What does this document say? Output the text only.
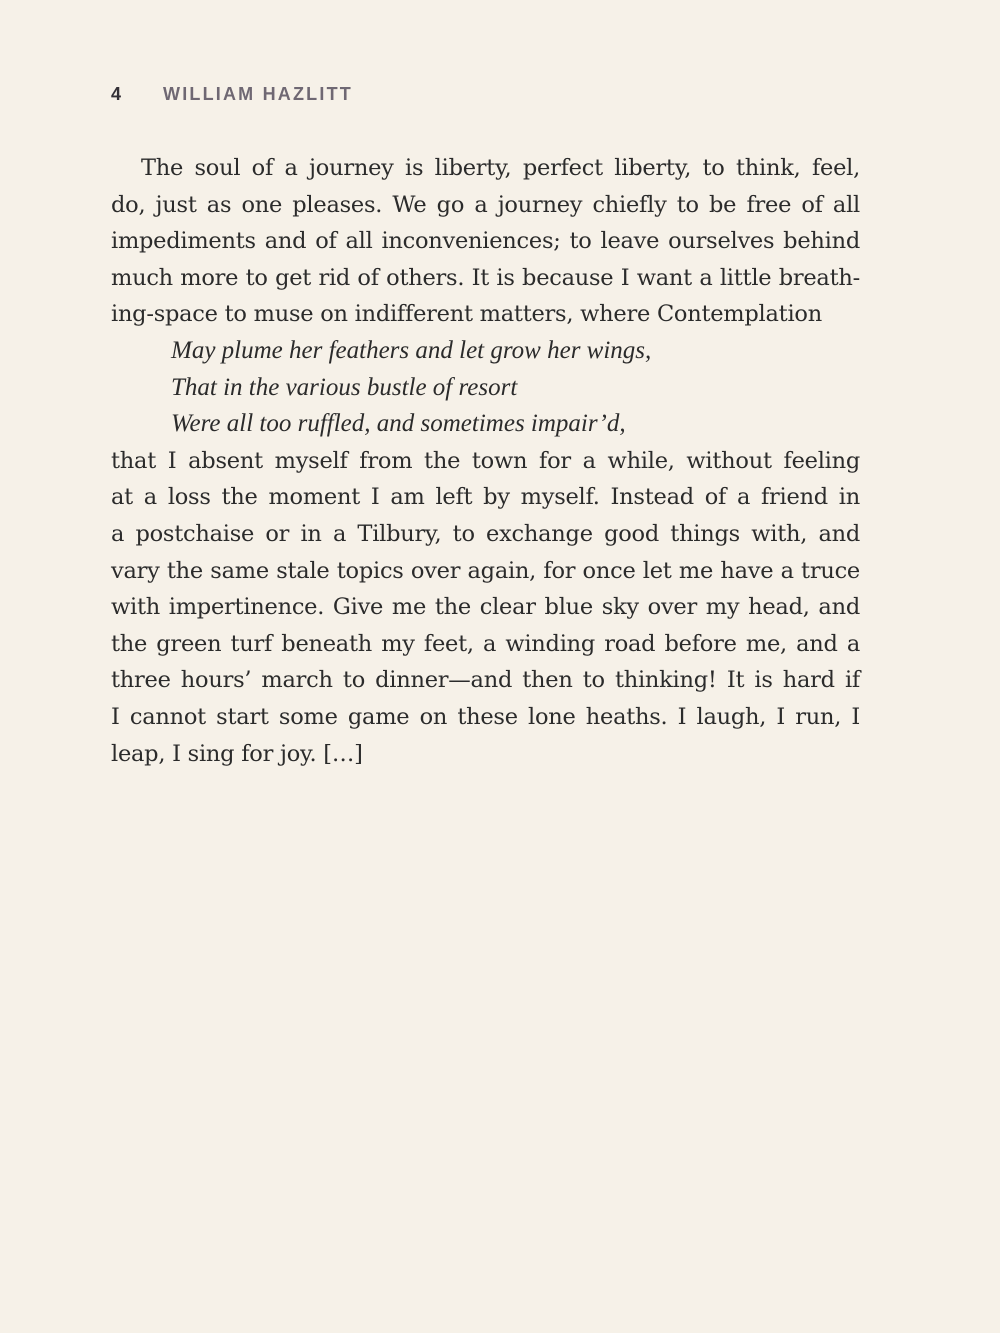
4	WILLIAM HAZLITT
The soul of a journey is liberty, perfect liberty, to think, feel,
do, just as one pleases. We go a journey chiefly to be free of all
impediments and of all inconveniences; to leave ourselves behind
much more to get rid of others. It is because I want a little breath-
ing-space to muse on indifferent matters, where Contemplation
May plume her feathers and let grow her wings,
That in the various bustle of resort
Were all too ruffled, and sometimes impair’d,
that I absent myself from the town for a while, without feeling
at a loss the moment I am left by myself. Instead of a friend in
a postchaise or in a Tilbury, to exchange good things with, and
vary the same stale topics over again, for once let me have a truce
with impertinence. Give me the clear blue sky over my head, and
the green turf beneath my feet, a winding road before me, and a
three hours’ march to dinner—and then to thinking! It is hard if
I cannot start some game on these lone heaths. I laugh, I run, I
leap, I sing for joy. […]
